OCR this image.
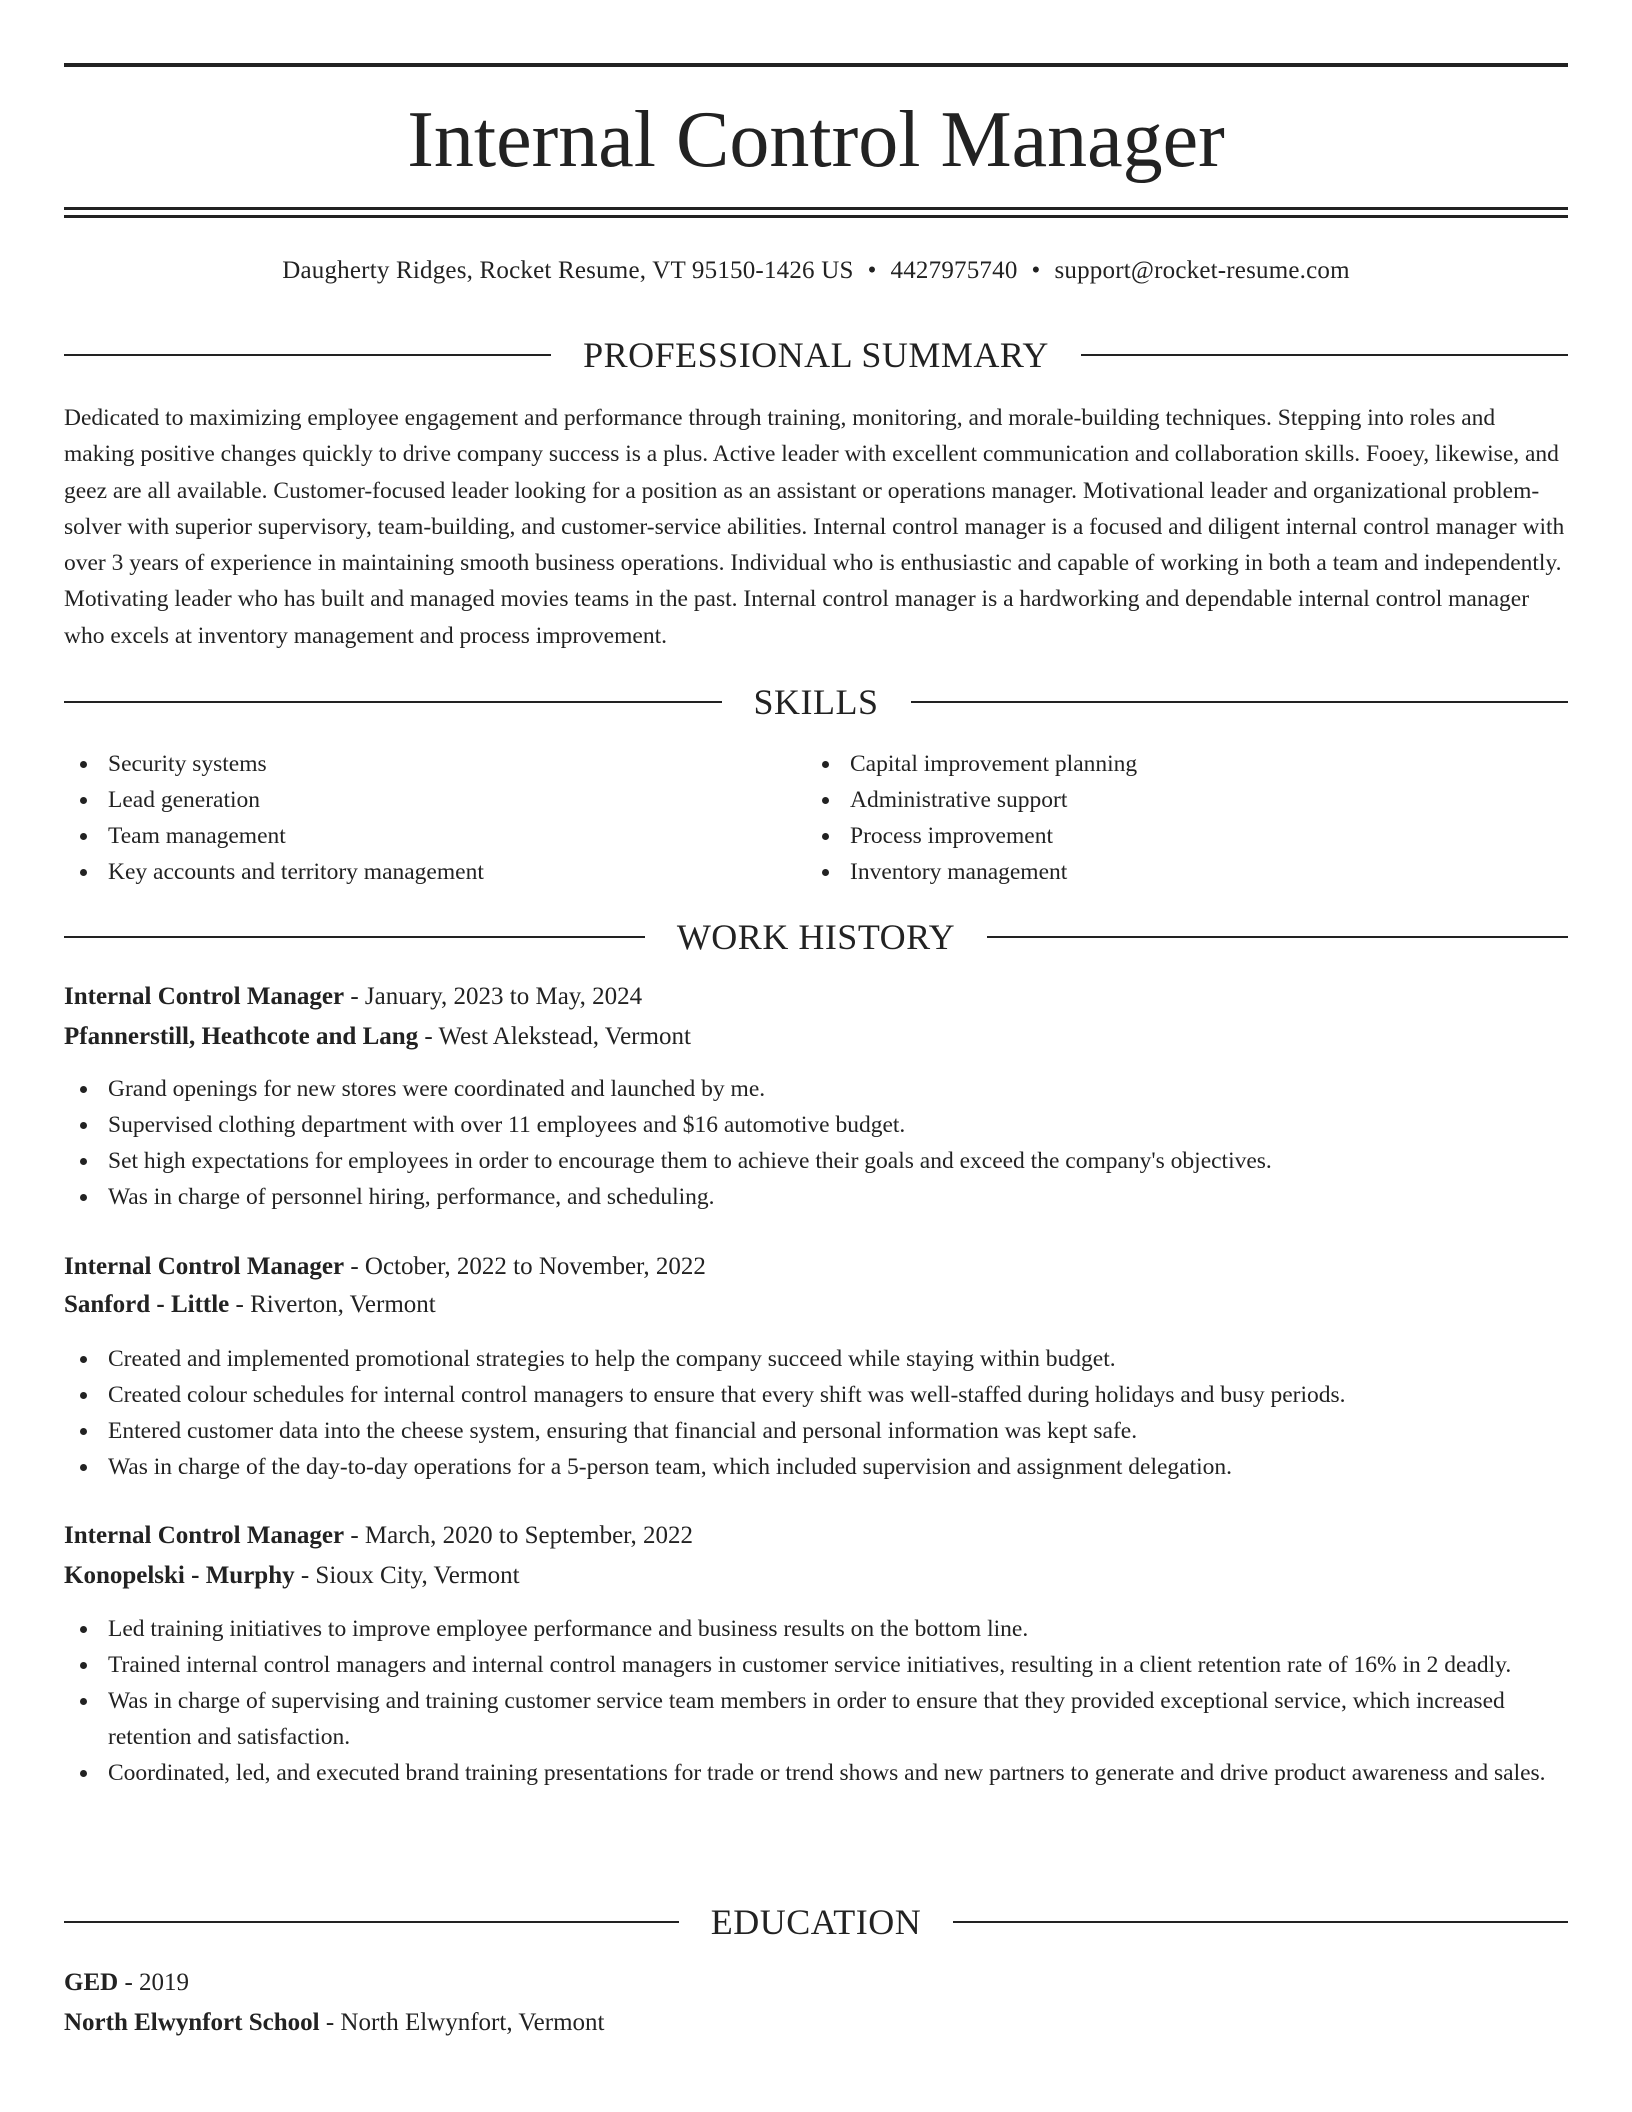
Internal Control Manager
Daugherty Ridges, Rocket Resume, VT 95150-1426 US • 4427975740 • support@rocket-resume.com
PROFESSIONAL SUMMARY

Dedicated to maximizing employee engagement and performance through training, monitoring, and morale-building techniques. Stepping into roles and making positive changes quickly to drive company success is a plus. Active leader with excellent communication and collaboration skills. Fooey, likewise, and geez are all available. Customer-focused leader looking for a position as an assistant or operations manager. Motivational leader and organizational problem-solver with superior supervisory, team-building, and customer-service abilities. Internal control manager is a focused and diligent internal control manager with over 3 years of experience in maintaining smooth business operations. Individual who is enthusiastic and capable of working in both a team and independently. Motivating leader who has built and managed movies teams in the past. Internal control manager is a hardworking and dependable internal control manager who excels at inventory management and process improvement.

SKILLS
Security systems
Lead generation
Team management
Key accounts and territory management
Capital improvement planning
Administrative support
Process improvement
Inventory management
WORK HISTORY
Internal Control Manager - January, 2023 to May, 2024
Pfannerstill, Heathcote and Lang - West Alekstead, Vermont
Grand openings for new stores were coordinated and launched by me.
Supervised clothing department with over 11 employees and $16 automotive budget.
Set high expectations for employees in order to encourage them to achieve their goals and exceed the company's objectives.
Was in charge of personnel hiring, performance, and scheduling.
Internal Control Manager - October, 2022 to November, 2022
Sanford - Little - Riverton, Vermont
Created and implemented promotional strategies to help the company succeed while staying within budget.
Created colour schedules for internal control managers to ensure that every shift was well-staffed during holidays and busy periods.
Entered customer data into the cheese system, ensuring that financial and personal information was kept safe.
Was in charge of the day-to-day operations for a 5-person team, which included supervision and assignment delegation.
Internal Control Manager - March, 2020 to September, 2022
Konopelski - Murphy - Sioux City, Vermont
Led training initiatives to improve employee performance and business results on the bottom line.
Trained internal control managers and internal control managers in customer service initiatives, resulting in a client retention rate of 16% in 2 deadly.
Was in charge of supervising and training customer service team members in order to ensure that they provided exceptional service, which increased retention and satisfaction.
Coordinated, led, and executed brand training presentations for trade or trend shows and new partners to generate and drive product awareness and sales.
EDUCATION
GED - 2019
North Elwynfort School - North Elwynfort, Vermont
